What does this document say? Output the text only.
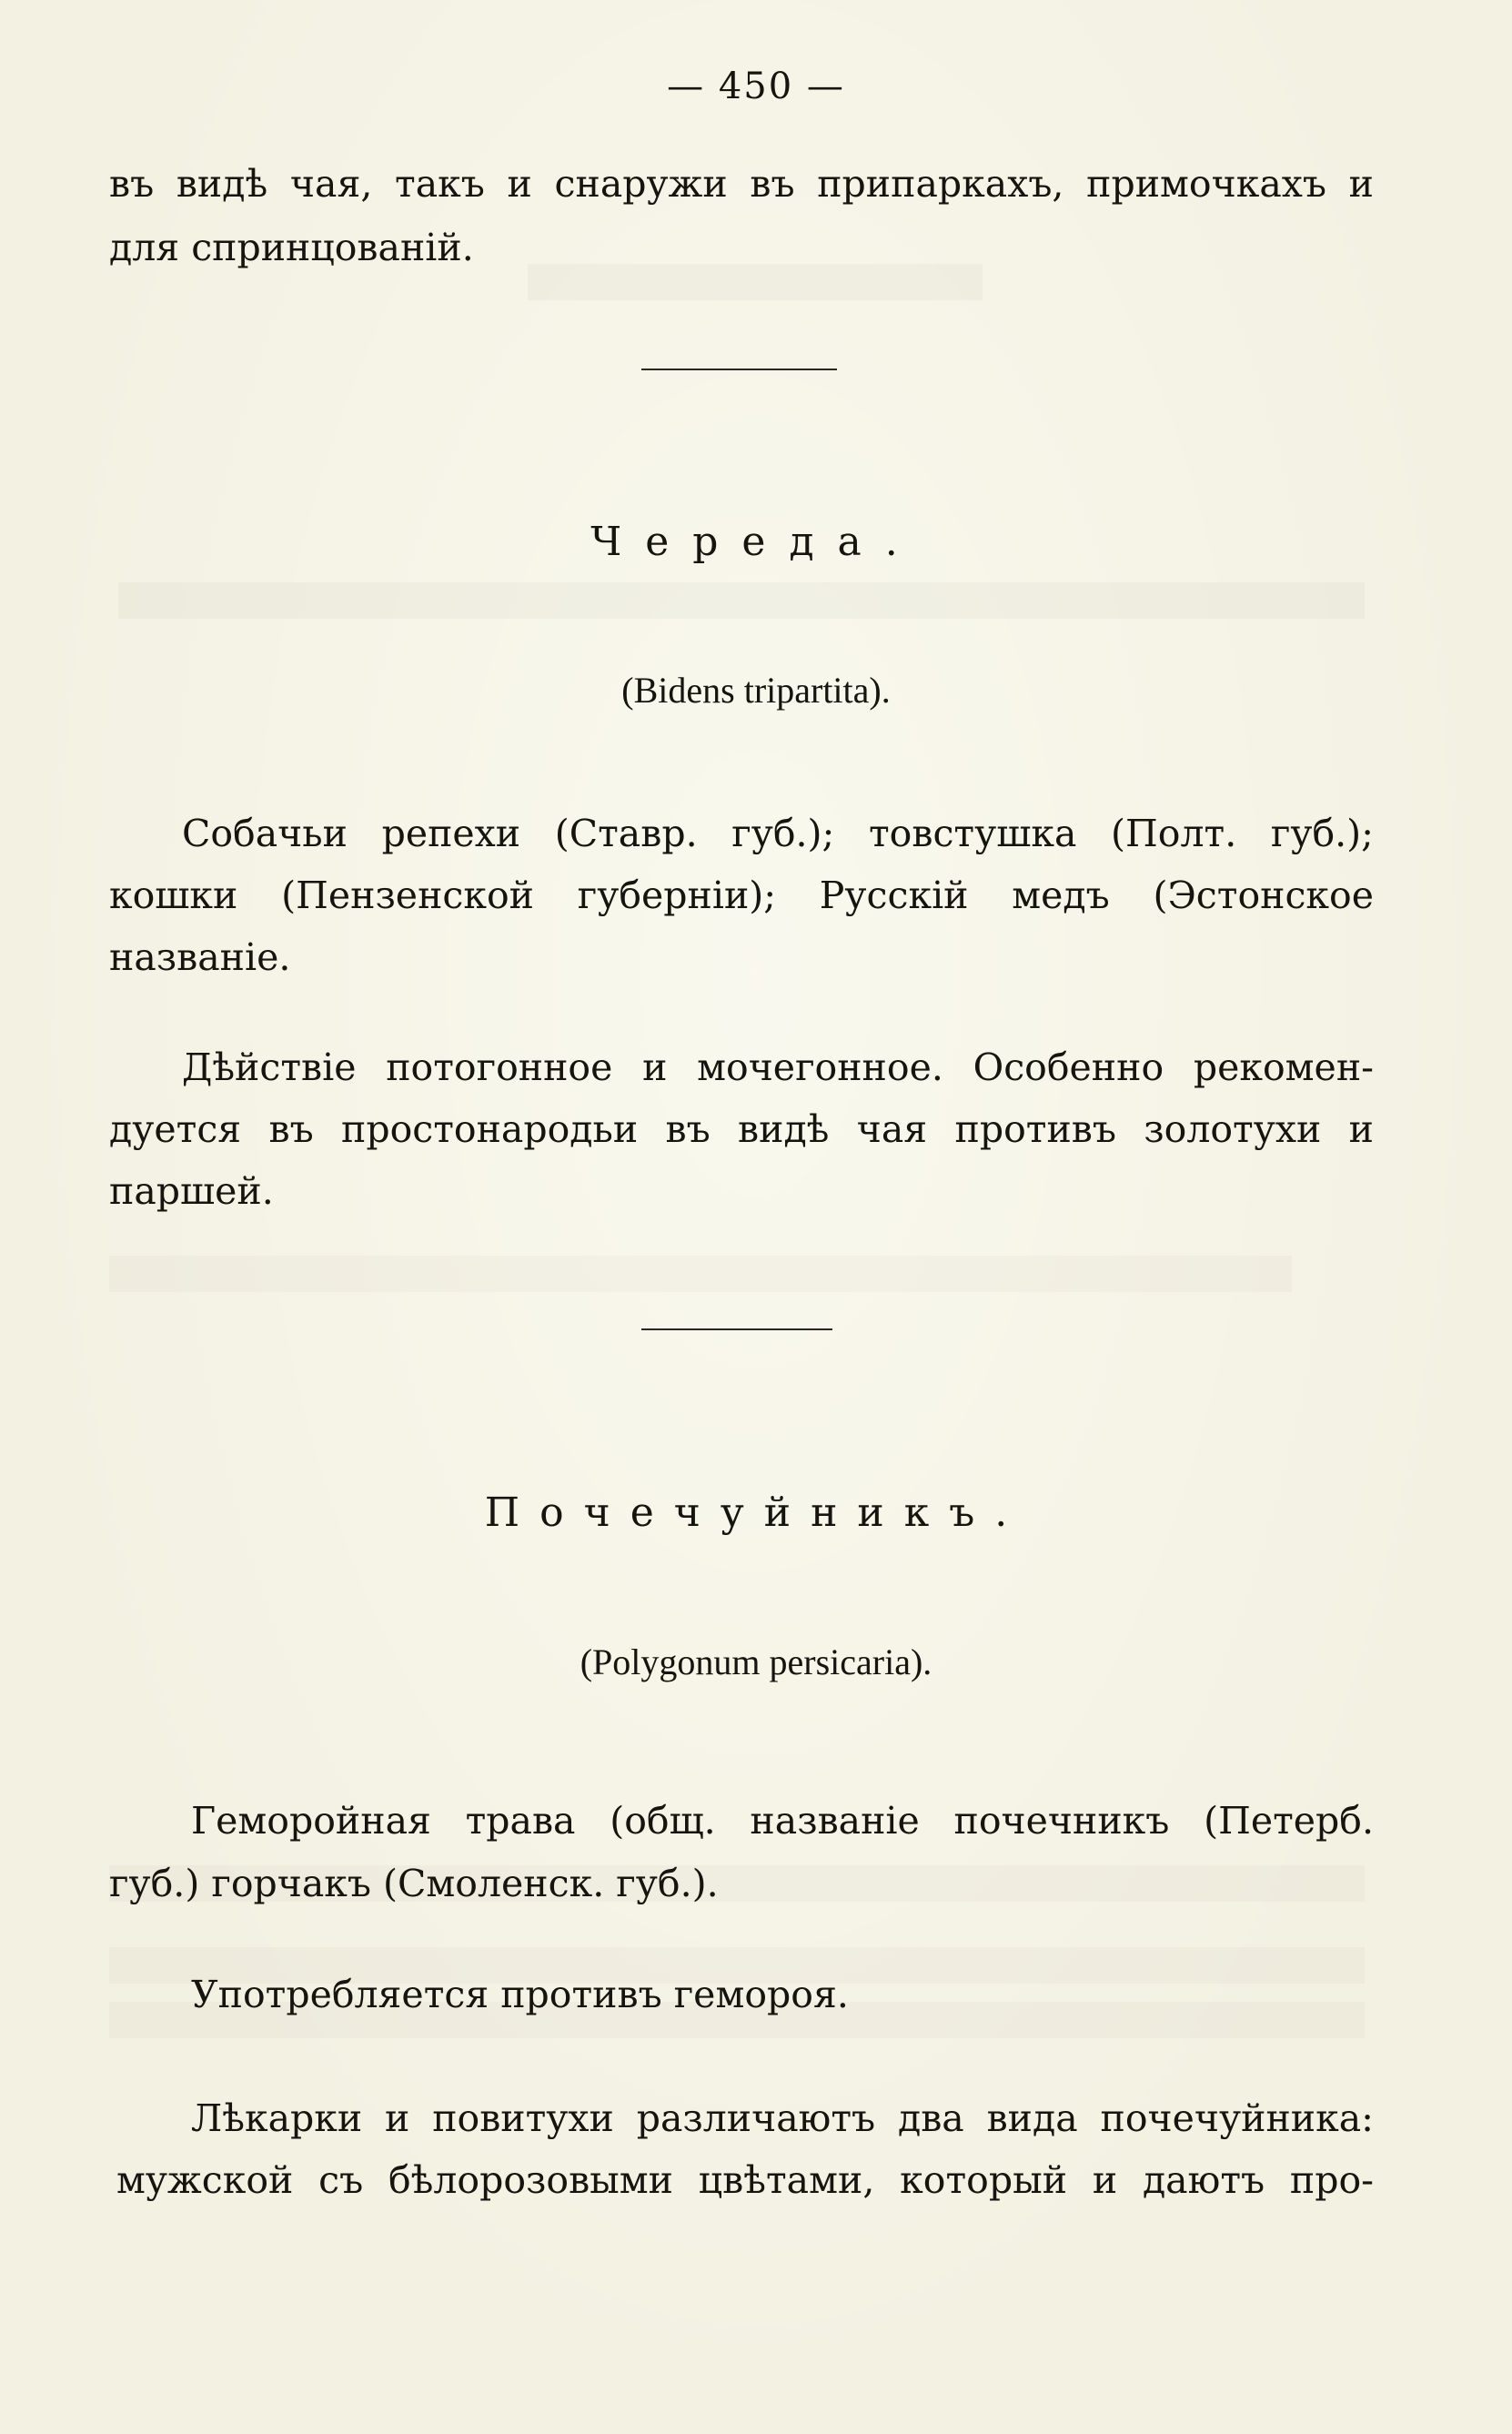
— 450 —
въ видѣ чая, такъ и снаружи въ припаркахъ, примочкахъ и
для спринцованій.
Череда.
(Bidens tripartita).
Собачьи репехи (Ставр. губ.); товстушка (Полт. губ.);
кошки (Пензенской губерніи); Русскій медъ (Эстонское
названіе.
Дѣйствіе потогонное и мочегонное. Особенно рекомен-
дуется въ простонародьи въ видѣ чая противъ золотухи и
паршей.
Почечуйникъ.
(Polygonum persicaria).
Геморойная трава (общ. названіе почечникъ (Петерб.
губ.) горчакъ (Смоленск. губ.).
Употребляется противъ гемороя.
Лѣкарки и повитухи различаютъ два вида почечуйника:
мужской съ бѣлорозовыми цвѣтами, который и даютъ про-
